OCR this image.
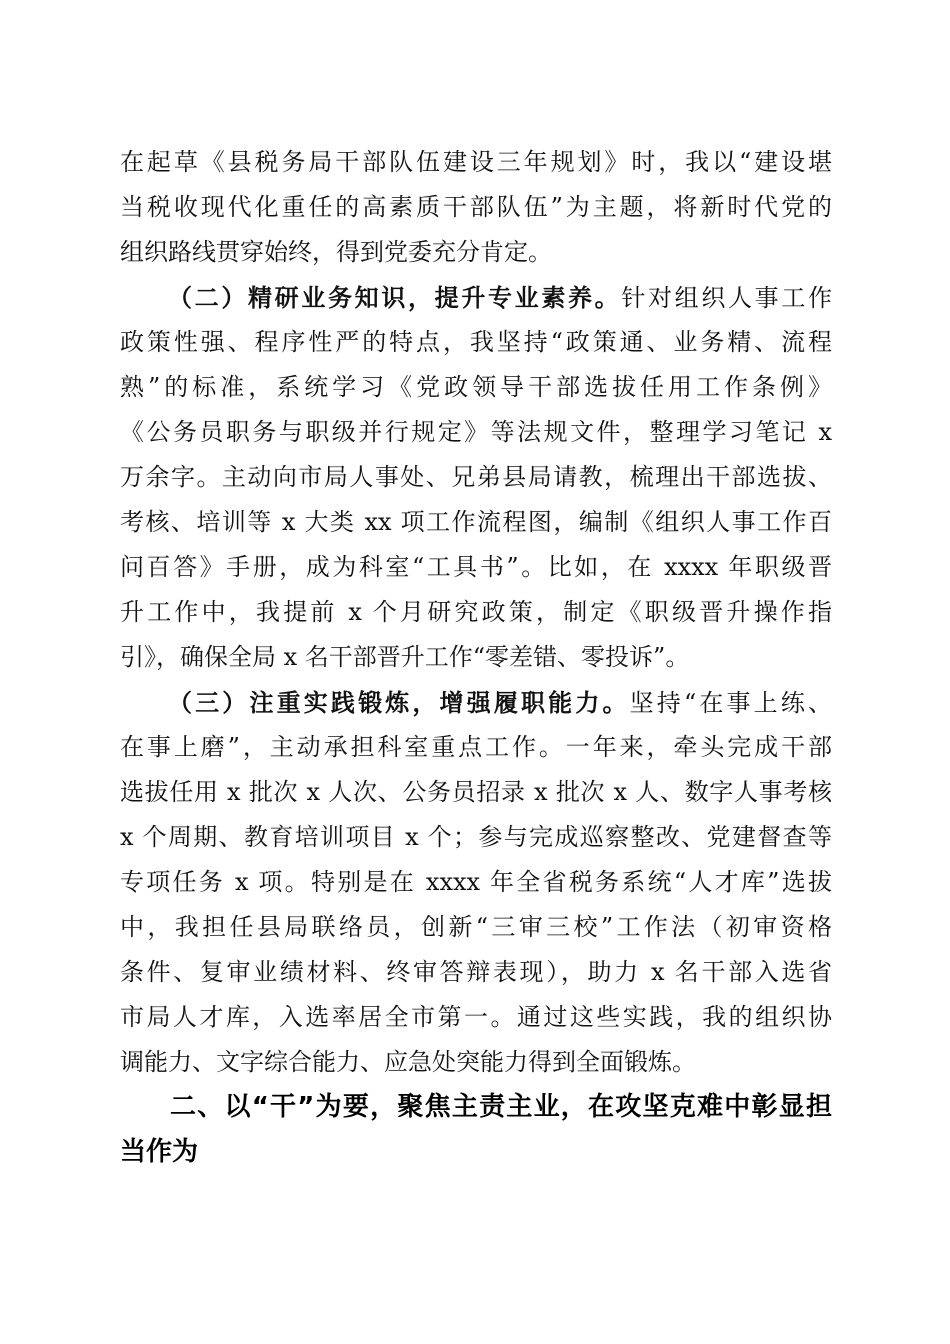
在起草《县税务局干部队伍建设三年规划》时，我以“建设堪
当税收现代化重任的高素质干部队伍”为主题，将新时代党的
组织路线贯穿始终，得到党委充分肯定。
（二）精研业务知识，提升专业素养。针对组织人事工作
政策性强、程序性严的特点，我坚持“政策通、业务精、流程
熟”的标准，系统学习《党政领导干部选拔任用工作条例》
《公务员职务与职级并行规定》等法规文件，整理学习笔记 x
万余字。主动向市局人事处、兄弟县局请教，梳理出干部选拔、
考核、培训等 x 大类 xx 项工作流程图，编制《组织人事工作百
问百答》手册，成为科室“工具书”。比如，在 xxxx 年职级晋
升工作中，我提前 x 个月研究政策，制定《职级晋升操作指
引》，确保全局 x 名干部晋升工作“零差错、零投诉”。
（三）注重实践锻炼，增强履职能力。坚持“在事上练、
在事上磨”，主动承担科室重点工作。一年来，牵头完成干部
选拔任用 x 批次 x 人次、公务员招录 x 批次 x 人、数字人事考核
x 个周期、教育培训项目 x 个；参与完成巡察整改、党建督查等
专项任务 x 项。特别是在 xxxx 年全省税务系统“人才库”选拔
中，我担任县局联络员，创新“三审三校”工作法（初审资格
条件、复审业绩材料、终审答辩表现），助力 x 名干部入选省
市局人才库，入选率居全市第一。通过这些实践，我的组织协
调能力、文字综合能力、应急处突能力得到全面锻炼。
二、以“干”为要，聚焦主责主业，在攻坚克难中彰显担
当作为
